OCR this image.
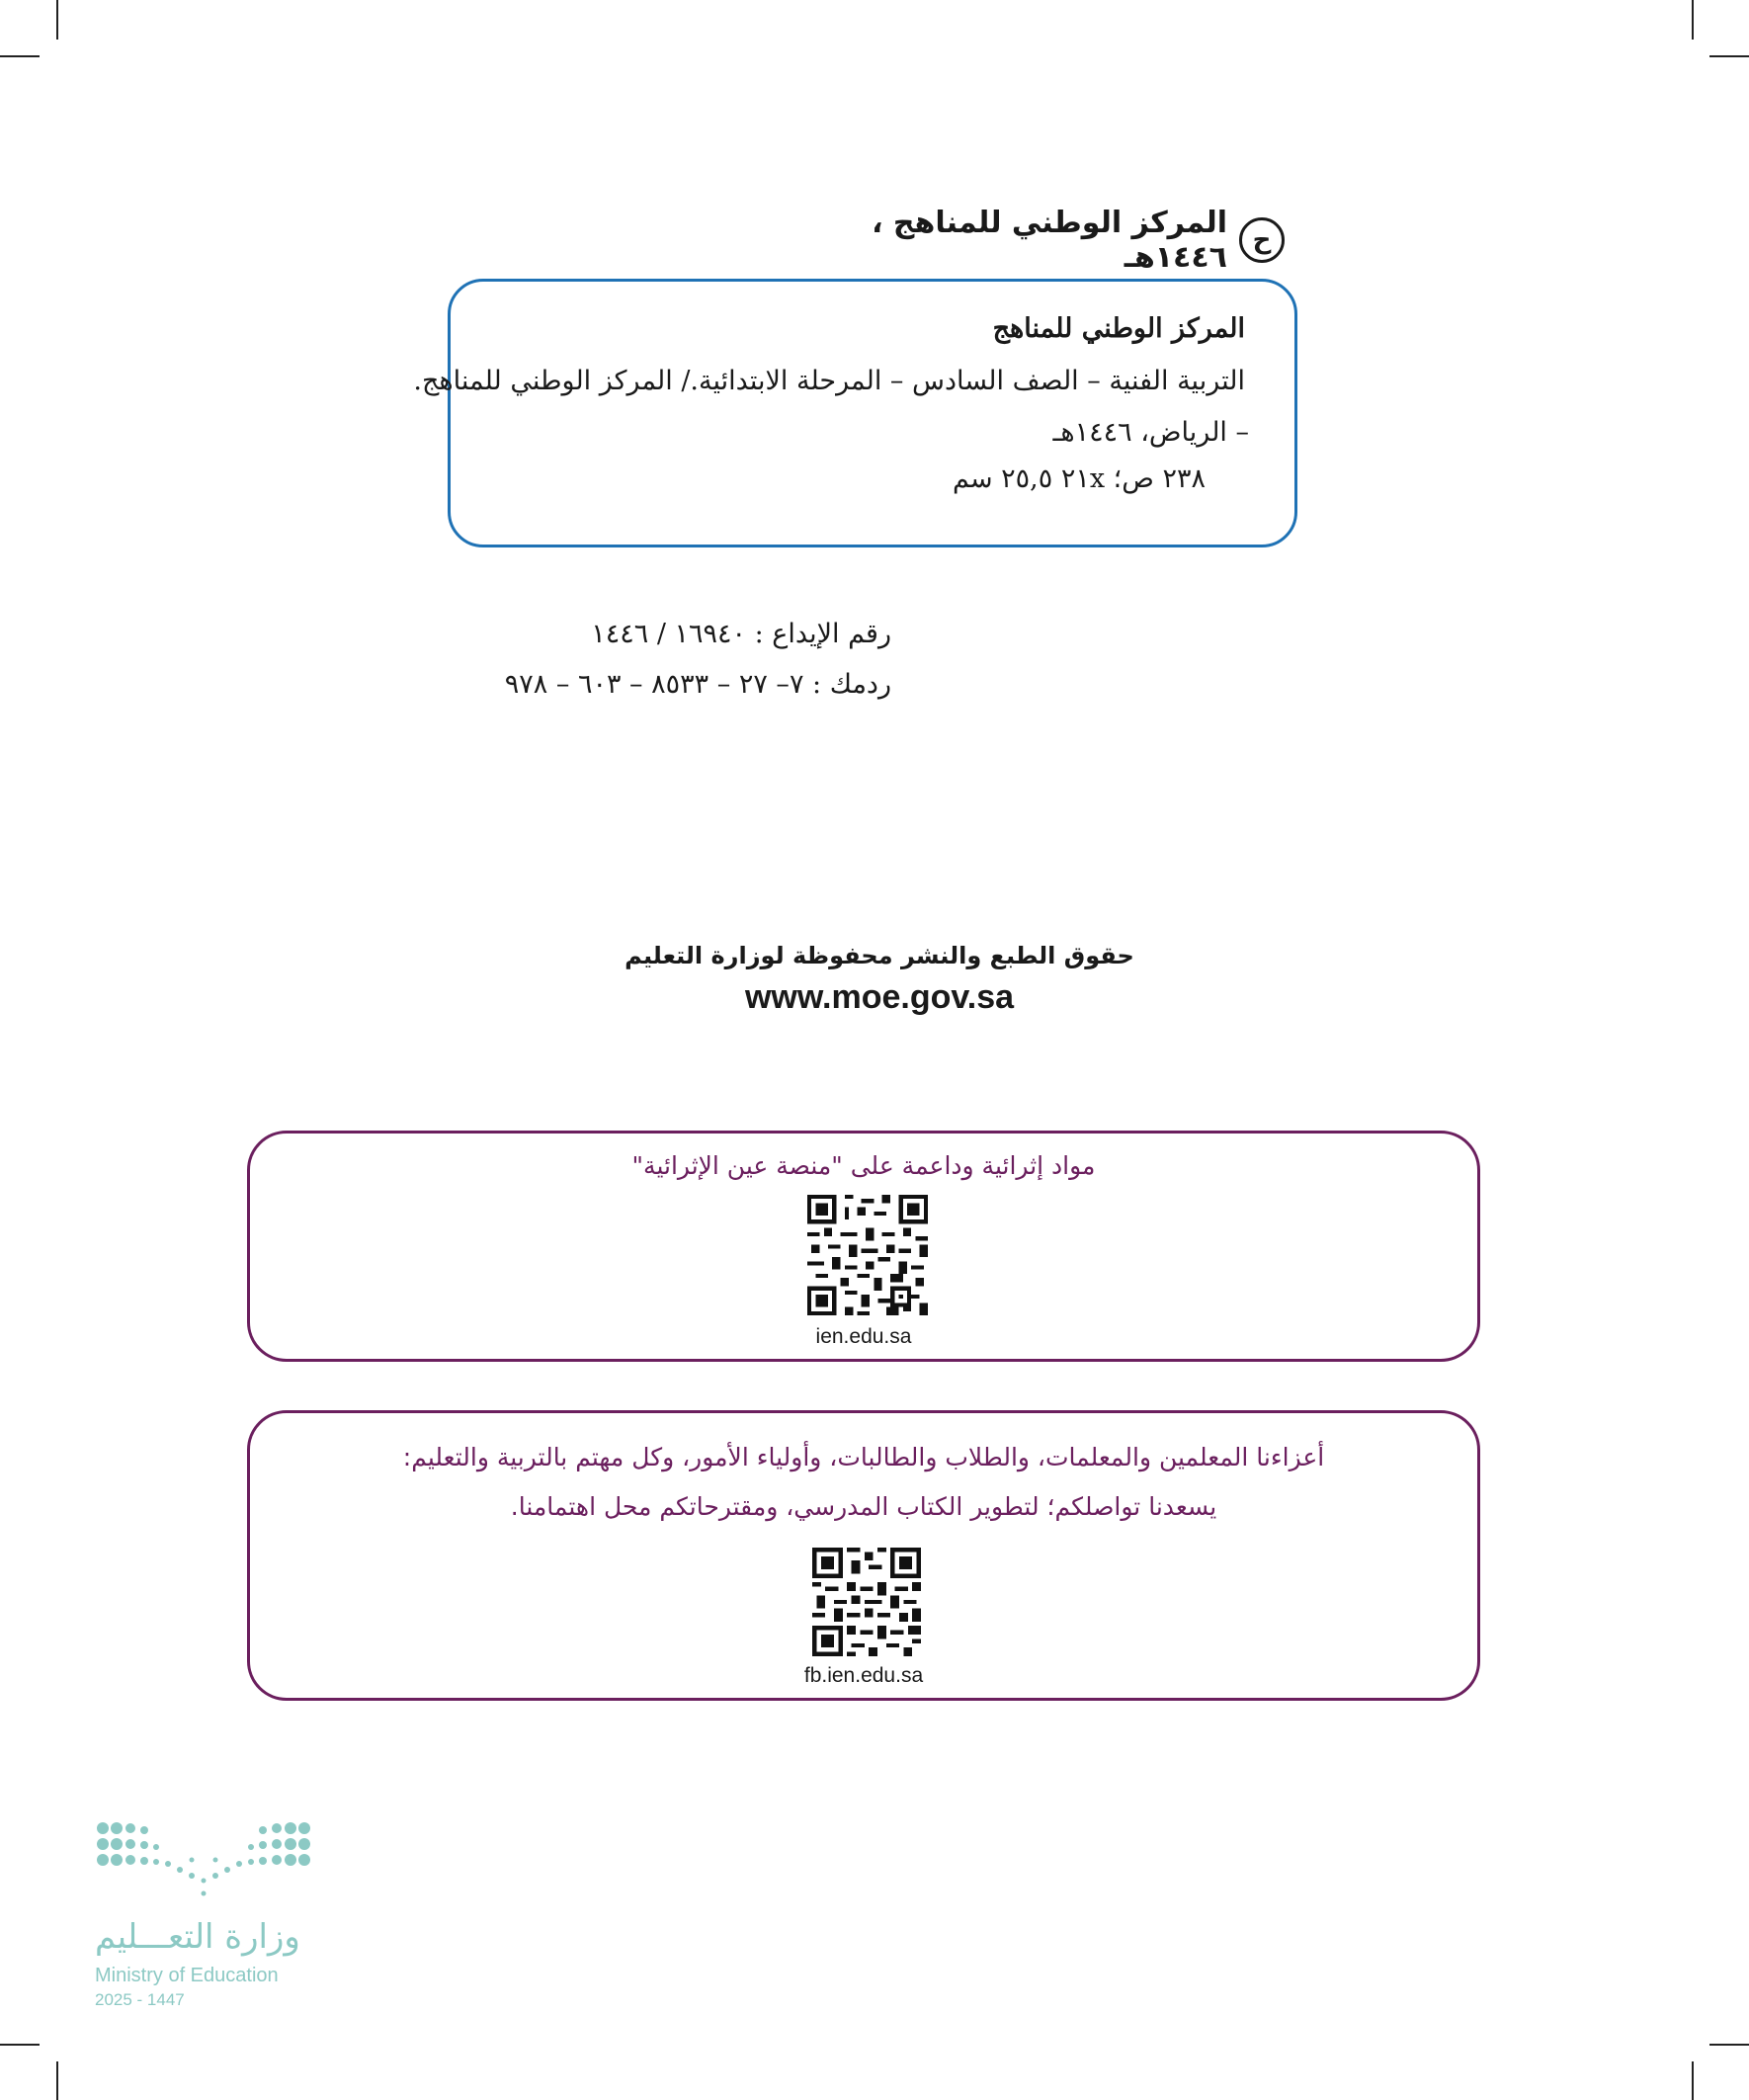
ح
المركز الوطني للمناهج ، ١٤٤٦هـ
المركز الوطني للمناهج
التربية الفنية – الصف السادس – المرحلة الابتدائية./ المركز الوطني للمناهج.
– الرياض، ١٤٤٦هـ
٢٣٨ ص؛ ٢١x ٢٥,٥ سم
رقم الإيداع : ١٦٩٤٠ / ١٤٤٦
ردمك : ٧– ٢٧ – ٨٥٣٣ – ٦٠٣ – ٩٧٨
حقوق الطبع والنشر محفوظة لوزارة التعليم
www.moe.gov.sa
مواد إثرائية وداعمة على "منصة عين الإثرائية"
ien.edu.sa
أعزاءنا المعلمين والمعلمات، والطلاب والطالبات، وأولياء الأمور، وكل مهتم بالتربية والتعليم:
يسعدنا تواصلكم؛ لتطوير الكتاب المدرسي، ومقترحاتكم محل اهتمامنا.
fb.ien.edu.sa
وزارة التعـــليم
Ministry of Education
2025 - 1447
